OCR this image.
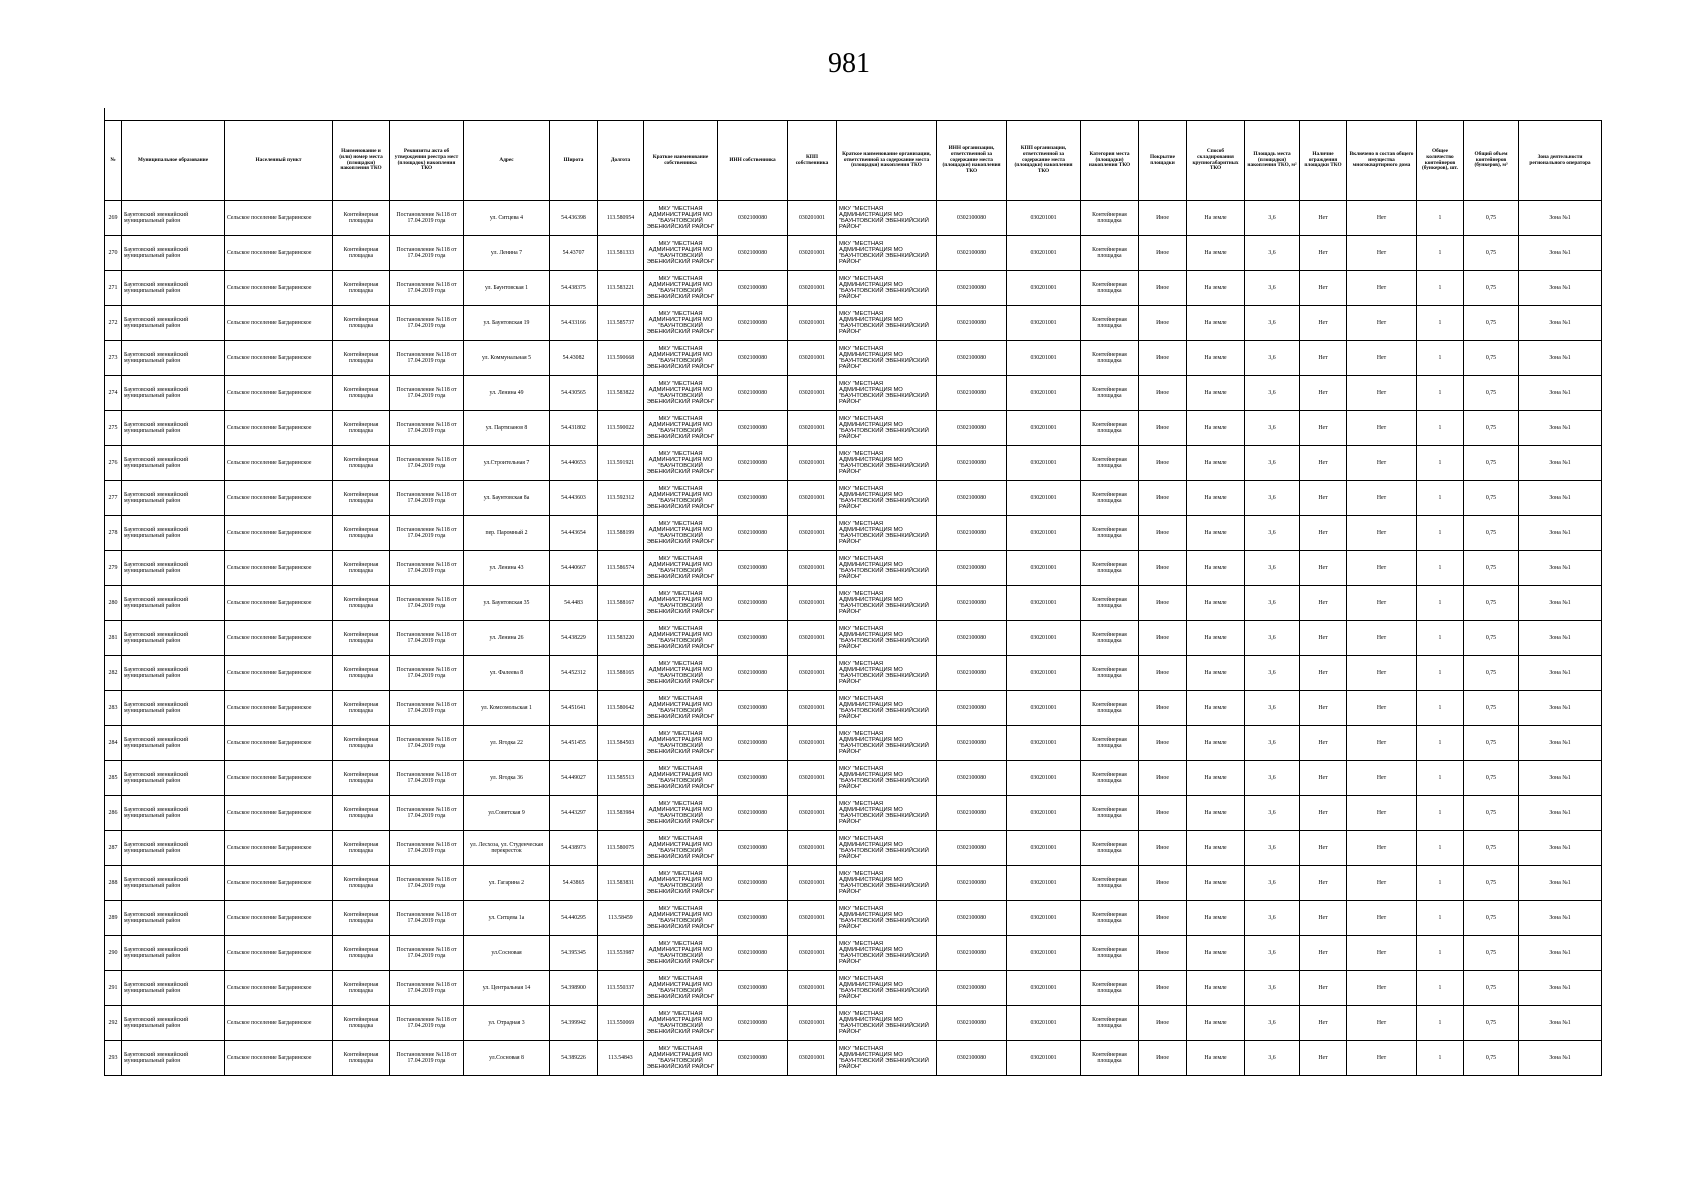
981
№	Муниципальное образование	Населенный пункт	Наименование и (или) номер места (площадки) накопления ТКО	Реквизиты акта об утверждении реестра мест (площадок) накопления ТКО	Адрес	Широта	Долгота	Краткое наименование собственника	ИНН собственника	КПП собственника	Краткое наименование организации, ответственной за содержание места (площадки) накопления ТКО	ИНН организации, ответственной за содержание места (площадки) накопления ТКО	КПП организации, ответственной за содержание места (площадки) накопления ТКО	Категория места (площадки) накопления ТКО	Покрытие площадки	Способ складирования крупногабаритных ТКО	Площадь места (площадки) накопления ТКО, м²	Наличие ограждения площадки ТКО	Включено в состав общего имущества многоквартирного дома	Общее количество контейнеров (бункеров), шт.	Общий объем контейнеров (бункеров), м³	Зона деятельности регионального оператора
269	Баунтовский эвенкийский муниципальный район	Сельское поселение Багдаринское	Контейнерная площадка	Постановление №118 от 17.04.2019 года	ул. Ситцева 4	54.436398	113.580954	МКУ "МЕСТНАЯ АДМИНИСТРАЦИЯ МО "БАУНТОВСКИЙ ЭВЕНКИЙСКИЙ РАЙОН"	0302100080	030201001	МКУ "МЕСТНАЯ АДМИНИСТРАЦИЯ МО "БАУНТОВСКИЙ ЭВЕНКИЙСКИЙ РАЙОН"	0302100080	030201001	Контейнерная площадка	Иное	На земле	3,6	Нет	Нет	1	0,75	Зона №1
270	Баунтовский эвенкийский муниципальный район	Сельское поселение Багдаринское	Контейнерная площадка	Постановление №118 от 17.04.2019 года	ул. Ленина 7	54.43707	113.581333	МКУ "МЕСТНАЯ АДМИНИСТРАЦИЯ МО "БАУНТОВСКИЙ ЭВЕНКИЙСКИЙ РАЙОН"	0302100080	030201001	МКУ "МЕСТНАЯ АДМИНИСТРАЦИЯ МО "БАУНТОВСКИЙ ЭВЕНКИЙСКИЙ РАЙОН"	0302100080	030201001	Контейнерная площадка	Иное	На земле	3,6	Нет	Нет	1	0,75	Зона №1
271	Баунтовский эвенкийский муниципальный район	Сельское поселение Багдаринское	Контейнерная площадка	Постановление №118 от 17.04.2019 года	ул. Баунтовская 1	54.438375	113.583221	МКУ "МЕСТНАЯ АДМИНИСТРАЦИЯ МО "БАУНТОВСКИЙ ЭВЕНКИЙСКИЙ РАЙОН"	0302100080	030201001	МКУ "МЕСТНАЯ АДМИНИСТРАЦИЯ МО "БАУНТОВСКИЙ ЭВЕНКИЙСКИЙ РАЙОН"	0302100080	030201001	Контейнерная площадка	Иное	На земле	3,6	Нет	Нет	1	0,75	Зона №1
272	Баунтовский эвенкийский муниципальный район	Сельское поселение Багдаринское	Контейнерная площадка	Постановление №118 от 17.04.2019 года	ул. Баунтовская 19	54.433166	113.585737	МКУ "МЕСТНАЯ АДМИНИСТРАЦИЯ МО "БАУНТОВСКИЙ ЭВЕНКИЙСКИЙ РАЙОН"	0302100080	030201001	МКУ "МЕСТНАЯ АДМИНИСТРАЦИЯ МО "БАУНТОВСКИЙ ЭВЕНКИЙСКИЙ РАЙОН"	0302100080	030201001	Контейнерная площадка	Иное	На земле	3,6	Нет	Нет	1	0,75	Зона №1
273	Баунтовский эвенкийский муниципальный район	Сельское поселение Багдаринское	Контейнерная площадка	Постановление №118 от 17.04.2019 года	ул. Коммунальная 5	54.43082	113.590668	МКУ "МЕСТНАЯ АДМИНИСТРАЦИЯ МО "БАУНТОВСКИЙ ЭВЕНКИЙСКИЙ РАЙОН"	0302100080	030201001	МКУ "МЕСТНАЯ АДМИНИСТРАЦИЯ МО "БАУНТОВСКИЙ ЭВЕНКИЙСКИЙ РАЙОН"	0302100080	030201001	Контейнерная площадка	Иное	На земле	3,6	Нет	Нет	1	0,75	Зона №1
274	Баунтовский эвенкийский муниципальный район	Сельское поселение Багдаринское	Контейнерная площадка	Постановление №118 от 17.04.2019 года	ул. Ленина 49	54.430565	113.583822	МКУ "МЕСТНАЯ АДМИНИСТРАЦИЯ МО "БАУНТОВСКИЙ ЭВЕНКИЙСКИЙ РАЙОН"	0302100080	030201001	МКУ "МЕСТНАЯ АДМИНИСТРАЦИЯ МО "БАУНТОВСКИЙ ЭВЕНКИЙСКИЙ РАЙОН"	0302100080	030201001	Контейнерная площадка	Иное	На земле	3,6	Нет	Нет	1	0,75	Зона №1
275	Баунтовский эвенкийский муниципальный район	Сельское поселение Багдаринское	Контейнерная площадка	Постановление №118 от 17.04.2019 года	ул. Партизанов 8	54.431802	113.590022	МКУ "МЕСТНАЯ АДМИНИСТРАЦИЯ МО "БАУНТОВСКИЙ ЭВЕНКИЙСКИЙ РАЙОН"	0302100080	030201001	МКУ "МЕСТНАЯ АДМИНИСТРАЦИЯ МО "БАУНТОВСКИЙ ЭВЕНКИЙСКИЙ РАЙОН"	0302100080	030201001	Контейнерная площадка	Иное	На земле	3,6	Нет	Нет	1	0,75	Зона №1
276	Баунтовский эвенкийский муниципальный район	Сельское поселение Багдаринское	Контейнерная площадка	Постановление №118 от 17.04.2019 года	ул.Строительная 7	54.440653	113.591921	МКУ "МЕСТНАЯ АДМИНИСТРАЦИЯ МО "БАУНТОВСКИЙ ЭВЕНКИЙСКИЙ РАЙОН"	0302100080	030201001	МКУ "МЕСТНАЯ АДМИНИСТРАЦИЯ МО "БАУНТОВСКИЙ ЭВЕНКИЙСКИЙ РАЙОН"	0302100080	030201001	Контейнерная площадка	Иное	На земле	3,6	Нет	Нет	1	0,75	Зона №1
277	Баунтовский эвенкийский муниципальный район	Сельское поселение Багдаринское	Контейнерная площадка	Постановление №118 от 17.04.2019 года	ул. Баунтовская 8а	54.443603	113.592312	МКУ "МЕСТНАЯ АДМИНИСТРАЦИЯ МО "БАУНТОВСКИЙ ЭВЕНКИЙСКИЙ РАЙОН"	0302100080	030201001	МКУ "МЕСТНАЯ АДМИНИСТРАЦИЯ МО "БАУНТОВСКИЙ ЭВЕНКИЙСКИЙ РАЙОН"	0302100080	030201001	Контейнерная площадка	Иное	На земле	3,6	Нет	Нет	1	0,75	Зона №1
278	Баунтовский эвенкийский муниципальный район	Сельское поселение Багдаринское	Контейнерная площадка	Постановление №118 от 17.04.2019 года	пер. Паромный 2	54.443654	113.588199	МКУ "МЕСТНАЯ АДМИНИСТРАЦИЯ МО "БАУНТОВСКИЙ ЭВЕНКИЙСКИЙ РАЙОН"	0302100080	030201001	МКУ "МЕСТНАЯ АДМИНИСТРАЦИЯ МО "БАУНТОВСКИЙ ЭВЕНКИЙСКИЙ РАЙОН"	0302100080	030201001	Контейнерная площадка	Иное	На земле	3,6	Нет	Нет	1	0,75	Зона №1
279	Баунтовский эвенкийский муниципальный район	Сельское поселение Багдаринское	Контейнерная площадка	Постановление №118 от 17.04.2019 года	ул. Ленина 43	54.440667	113.586574	МКУ "МЕСТНАЯ АДМИНИСТРАЦИЯ МО "БАУНТОВСКИЙ ЭВЕНКИЙСКИЙ РАЙОН"	0302100080	030201001	МКУ "МЕСТНАЯ АДМИНИСТРАЦИЯ МО "БАУНТОВСКИЙ ЭВЕНКИЙСКИЙ РАЙОН"	0302100080	030201001	Контейнерная площадка	Иное	На земле	3,6	Нет	Нет	1	0,75	Зона №1
280	Баунтовский эвенкийский муниципальный район	Сельское поселение Багдаринское	Контейнерная площадка	Постановление №118 от 17.04.2019 года	ул. Баунтовская 35	54.4483	113.588167	МКУ "МЕСТНАЯ АДМИНИСТРАЦИЯ МО "БАУНТОВСКИЙ ЭВЕНКИЙСКИЙ РАЙОН"	0302100080	030201001	МКУ "МЕСТНАЯ АДМИНИСТРАЦИЯ МО "БАУНТОВСКИЙ ЭВЕНКИЙСКИЙ РАЙОН"	0302100080	030201001	Контейнерная площадка	Иное	На земле	3,6	Нет	Нет	1	0,75	Зона №1
281	Баунтовский эвенкийский муниципальный район	Сельское поселение Багдаринское	Контейнерная площадка	Постановление №118 от 17.04.2019 года	ул. Ленина 26	54.438229	113.583220	МКУ "МЕСТНАЯ АДМИНИСТРАЦИЯ МО "БАУНТОВСКИЙ ЭВЕНКИЙСКИЙ РАЙОН"	0302100080	030201001	МКУ "МЕСТНАЯ АДМИНИСТРАЦИЯ МО "БАУНТОВСКИЙ ЭВЕНКИЙСКИЙ РАЙОН"	0302100080	030201001	Контейнерная площадка	Иное	На земле	3,6	Нет	Нет	1	0,75	Зона №1
282	Баунтовский эвенкийский муниципальный район	Сельское поселение Багдаринское	Контейнерная площадка	Постановление №118 от 17.04.2019 года	ул. Фалеева 8	54.452312	113.588165	МКУ "МЕСТНАЯ АДМИНИСТРАЦИЯ МО "БАУНТОВСКИЙ ЭВЕНКИЙСКИЙ РАЙОН"	0302100080	030201001	МКУ "МЕСТНАЯ АДМИНИСТРАЦИЯ МО "БАУНТОВСКИЙ ЭВЕНКИЙСКИЙ РАЙОН"	0302100080	030201001	Контейнерная площадка	Иное	На земле	3,6	Нет	Нет	1	0,75	Зона №1
283	Баунтовский эвенкийский муниципальный район	Сельское поселение Багдаринское	Контейнерная площадка	Постановление №118 от 17.04.2019 года	ул. Комсомольская 1	54.451641	113.580642	МКУ "МЕСТНАЯ АДМИНИСТРАЦИЯ МО "БАУНТОВСКИЙ ЭВЕНКИЙСКИЙ РАЙОН"	0302100080	030201001	МКУ "МЕСТНАЯ АДМИНИСТРАЦИЯ МО "БАУНТОВСКИЙ ЭВЕНКИЙСКИЙ РАЙОН"	0302100080	030201001	Контейнерная площадка	Иное	На земле	3,6	Нет	Нет	1	0,75	Зона №1
284	Баунтовский эвенкийский муниципальный район	Сельское поселение Багдаринское	Контейнерная площадка	Постановление №118 от 17.04.2019 года	ул. Ягодка 22	54.451455	113.584503	МКУ "МЕСТНАЯ АДМИНИСТРАЦИЯ МО "БАУНТОВСКИЙ ЭВЕНКИЙСКИЙ РАЙОН"	0302100080	030201001	МКУ "МЕСТНАЯ АДМИНИСТРАЦИЯ МО "БАУНТОВСКИЙ ЭВЕНКИЙСКИЙ РАЙОН"	0302100080	030201001	Контейнерная площадка	Иное	На земле	3,6	Нет	Нет	1	0,75	Зона №1
285	Баунтовский эвенкийский муниципальный район	Сельское поселение Багдаринское	Контейнерная площадка	Постановление №118 от 17.04.2019 года	ул. Ягодка 36	54.449027	113.585513	МКУ "МЕСТНАЯ АДМИНИСТРАЦИЯ МО "БАУНТОВСКИЙ ЭВЕНКИЙСКИЙ РАЙОН"	0302100080	030201001	МКУ "МЕСТНАЯ АДМИНИСТРАЦИЯ МО "БАУНТОВСКИЙ ЭВЕНКИЙСКИЙ РАЙОН"	0302100080	030201001	Контейнерная площадка	Иное	На земле	3,6	Нет	Нет	1	0,75	Зона №1
286	Баунтовский эвенкийский муниципальный район	Сельское поселение Багдаринское	Контейнерная площадка	Постановление №118 от 17.04.2019 года	ул.Советская 9	54.443297	113.583984	МКУ "МЕСТНАЯ АДМИНИСТРАЦИЯ МО "БАУНТОВСКИЙ ЭВЕНКИЙСКИЙ РАЙОН"	0302100080	030201001	МКУ "МЕСТНАЯ АДМИНИСТРАЦИЯ МО "БАУНТОВСКИЙ ЭВЕНКИЙСКИЙ РАЙОН"	0302100080	030201001	Контейнерная площадка	Иное	На земле	3,6	Нет	Нет	1	0,75	Зона №1
287	Баунтовский эвенкийский муниципальный район	Сельское поселение Багдаринское	Контейнерная площадка	Постановление №118 от 17.04.2019 года	ул. Лесхоза, ул. Студенческая перекресток	54.438973	113.580075	МКУ "МЕСТНАЯ АДМИНИСТРАЦИЯ МО "БАУНТОВСКИЙ ЭВЕНКИЙСКИЙ РАЙОН"	0302100080	030201001	МКУ "МЕСТНАЯ АДМИНИСТРАЦИЯ МО "БАУНТОВСКИЙ ЭВЕНКИЙСКИЙ РАЙОН"	0302100080	030201001	Контейнерная площадка	Иное	На земле	3,6	Нет	Нет	1	0,75	Зона №1
288	Баунтовский эвенкийский муниципальный район	Сельское поселение Багдаринское	Контейнерная площадка	Постановление №118 от 17.04.2019 года	ул. Гагарина 2	54.43865	113.583831	МКУ "МЕСТНАЯ АДМИНИСТРАЦИЯ МО "БАУНТОВСКИЙ ЭВЕНКИЙСКИЙ РАЙОН"	0302100080	030201001	МКУ "МЕСТНАЯ АДМИНИСТРАЦИЯ МО "БАУНТОВСКИЙ ЭВЕНКИЙСКИЙ РАЙОН"	0302100080	030201001	Контейнерная площадка	Иное	На земле	3,6	Нет	Нет	1	0,75	Зона №1
289	Баунтовский эвенкийский муниципальный район	Сельское поселение Багдаринское	Контейнерная площадка	Постановление №118 от 17.04.2019 года	ул. Ситцева 1а	54.440295	113.58459	МКУ "МЕСТНАЯ АДМИНИСТРАЦИЯ МО "БАУНТОВСКИЙ ЭВЕНКИЙСКИЙ РАЙОН"	0302100080	030201001	МКУ "МЕСТНАЯ АДМИНИСТРАЦИЯ МО "БАУНТОВСКИЙ ЭВЕНКИЙСКИЙ РАЙОН"	0302100080	030201001	Контейнерная площадка	Иное	На земле	3,6	Нет	Нет	1	0,75	Зона №1
290	Баунтовский эвенкийский муниципальный район	Сельское поселение Багдаринское	Контейнерная площадка	Постановление №118 от 17.04.2019 года	ул.Сосновая	54.395345	113.553987	МКУ "МЕСТНАЯ АДМИНИСТРАЦИЯ МО "БАУНТОВСКИЙ ЭВЕНКИЙСКИЙ РАЙОН"	0302100080	030201001	МКУ "МЕСТНАЯ АДМИНИСТРАЦИЯ МО "БАУНТОВСКИЙ ЭВЕНКИЙСКИЙ РАЙОН"	0302100080	030201001	Контейнерная площадка	Иное	На земле	3,6	Нет	Нет	1	0,75	Зона №1
291	Баунтовский эвенкийский муниципальный район	Сельское поселение Багдаринское	Контейнерная площадка	Постановление №118 от 17.04.2019 года	ул. Центральная 14	54.398900	113.550337	МКУ "МЕСТНАЯ АДМИНИСТРАЦИЯ МО "БАУНТОВСКИЙ ЭВЕНКИЙСКИЙ РАЙОН"	0302100080	030201001	МКУ "МЕСТНАЯ АДМИНИСТРАЦИЯ МО "БАУНТОВСКИЙ ЭВЕНКИЙСКИЙ РАЙОН"	0302100080	030201001	Контейнерная площадка	Иное	На земле	3,6	Нет	Нет	1	0,75	Зона №1
292	Баунтовский эвенкийский муниципальный район	Сельское поселение Багдаринское	Контейнерная площадка	Постановление №118 от 17.04.2019 года	ул. Отрадная 3	54.399942	113.550069	МКУ "МЕСТНАЯ АДМИНИСТРАЦИЯ МО "БАУНТОВСКИЙ ЭВЕНКИЙСКИЙ РАЙОН"	0302100080	030201001	МКУ "МЕСТНАЯ АДМИНИСТРАЦИЯ МО "БАУНТОВСКИЙ ЭВЕНКИЙСКИЙ РАЙОН"	0302100080	030201001	Контейнерная площадка	Иное	На земле	3,6	Нет	Нет	1	0,75	Зона №1
293	Баунтовский эвенкийский муниципальный район	Сельское поселение Багдаринское	Контейнерная площадка	Постановление №118 от 17.04.2019 года	ул.Сосновая 8	54.389226	113.54843	МКУ "МЕСТНАЯ АДМИНИСТРАЦИЯ МО "БАУНТОВСКИЙ ЭВЕНКИЙСКИЙ РАЙОН"	0302100080	030201001	МКУ "МЕСТНАЯ АДМИНИСТРАЦИЯ МО "БАУНТОВСКИЙ ЭВЕНКИЙСКИЙ РАЙОН"	0302100080	030201001	Контейнерная площадка	Иное	На земле	3,6	Нет	Нет	1	0,75	Зона №1
